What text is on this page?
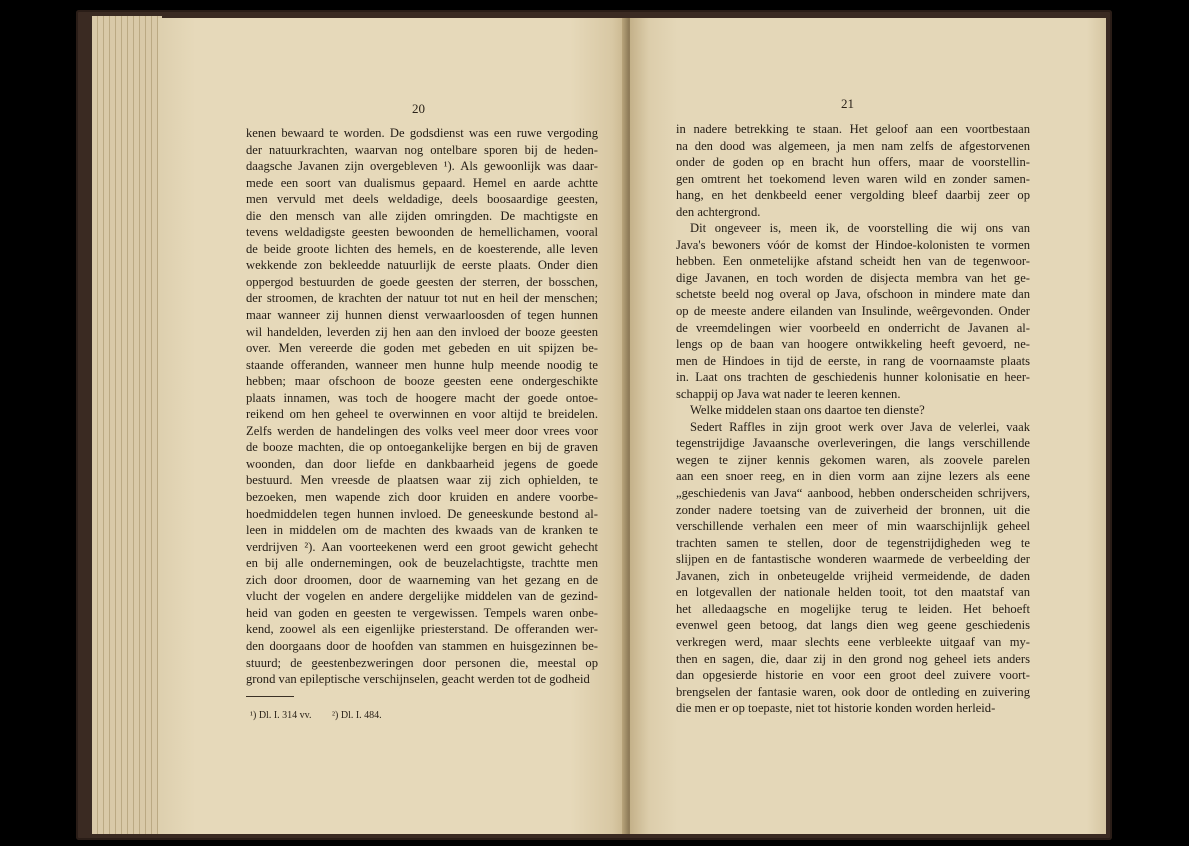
20	21
kenen bewaard te worden. De godsdienst was een ruwe vergoding
der natuurkrachten, waarvan nog ontelbare sporen bij de heden-
daagsche Javanen zijn overgebleven ¹). Als gewoonlijk was daar-
mede een soort van dualismus gepaard. Hemel en aarde achtte
men vervuld met deels weldadige, deels boosaardige geesten,
die den mensch van alle zijden omringden. De machtigste en
tevens weldadigste geesten bewoonden de hemellichamen, vooral
de beide groote lichten des hemels, en de koesterende, alle leven
wekkende zon bekleedde natuurlijk de eerste plaats. Onder dien
oppergod bestuurden de goede geesten der sterren, der bosschen,
der stroomen, de krachten der natuur tot nut en heil der menschen;
maar wanneer zij hunnen dienst verwaarloosden of tegen hunnen
wil handelden, leverden zij hen aan den invloed der booze geesten
over. Men vereerde die goden met gebeden en uit spijzen be-
staande offeranden, wanneer men hunne hulp meende noodig te
hebben; maar ofschoon de booze geesten eene ondergeschikte
plaats innamen, was toch de hoogere macht der goede ontoe-
reikend om hen geheel te overwinnen en voor altijd te breidelen.
Zelfs werden de handelingen des volks veel meer door vrees voor
de booze machten, die op ontoegankelijke bergen en bij de graven
woonden, dan door liefde en dankbaarheid jegens de goede
bestuurd. Men vreesde de plaatsen waar zij zich ophielden, te
bezoeken, men wapende zich door kruiden en andere voorbe-
hoedmiddelen tegen hunnen invloed. De geneeskunde bestond al-
leen in middelen om de machten des kwaads van de kranken te
verdrijven ²). Aan voorteekenen werd een groot gewicht gehecht
en bij alle ondernemingen, ook de beuzelachtigste, trachtte men
zich door droomen, door de waarneming van het gezang en de
vlucht der vogelen en andere dergelijke middelen van de gezind-
heid van goden en geesten te vergewissen. Tempels waren onbe-
kend, zoowel als een eigenlijke priesterstand. De offeranden wer-
den doorgaans door de hoofden van stammen en huisgezinnen be-
stuurd; de geestenbezweringen door personen die, meestal op
grond van epileptische verschijnselen, geacht werden tot de godheid
in nadere betrekking te staan. Het geloof aan een voortbestaan
na den dood was algemeen, ja men nam zelfs de afgestorvenen
onder de goden op en bracht hun offers, maar de voorstellin-
gen omtrent het toekomend leven waren wild en zonder samen-
hang, en het denkbeeld eener vergolding bleef daarbij zeer op
den achtergrond.
Dit ongeveer is, meen ik, de voorstelling die wij ons van
Java's bewoners vóór de komst der Hindoe-kolonisten te vormen
hebben. Een onmetelijke afstand scheidt hen van de tegenwoor-
dige Javanen, en toch worden de disjecta membra van het ge-
schetste beeld nog overal op Java, ofschoon in mindere mate dan
op de meeste andere eilanden van Insulinde, weêrgevonden. Onder
de vreemdelingen wier voorbeeld en onderricht de Javanen al-
lengs op de baan van hoogere ontwikkeling heeft gevoerd, ne-
men de Hindoes in tijd de eerste, in rang de voornaamste plaats
in. Laat ons trachten de geschiedenis hunner kolonisatie en heer-
schappij op Java wat nader te leeren kennen.
Welke middelen staan ons daartoe ten dienste?
Sedert Raffles in zijn groot werk over Java de velerlei, vaak
tegenstrijdige Javaansche overleveringen, die langs verschillende
wegen te zijner kennis gekomen waren, als zoovele parelen
aan een snoer reeg, en in dien vorm aan zijne lezers als eene
„geschiedenis van Java“ aanbood, hebben onderscheiden schrijvers,
zonder nadere toetsing van de zuiverheid der bronnen, uit die
verschillende verhalen een meer of min waarschijnlijk geheel
trachten samen te stellen, door de tegenstrijdigheden weg te
slijpen en de fantastische wonderen waarmede de verbeelding der
Javanen, zich in onbeteugelde vrijheid vermeidende, de daden
en lotgevallen der nationale helden tooit, tot den maatstaf van
het alledaagsche en mogelijke terug te leiden. Het behoeft
evenwel geen betoog, dat langs dien weg geene geschiedenis
verkregen werd, maar slechts eene verbleekte uitgaaf van my-
then en sagen, die, daar zij in den grond nog geheel iets anders
dan opgesierde historie en voor een groot deel zuivere voort-
brengselen der fantasie waren, ook door de ontleding en zuivering
die men er op toepaste, niet tot historie konden worden herleid-
¹) Dl. I. 314 vv. ²) Dl. I. 484.
